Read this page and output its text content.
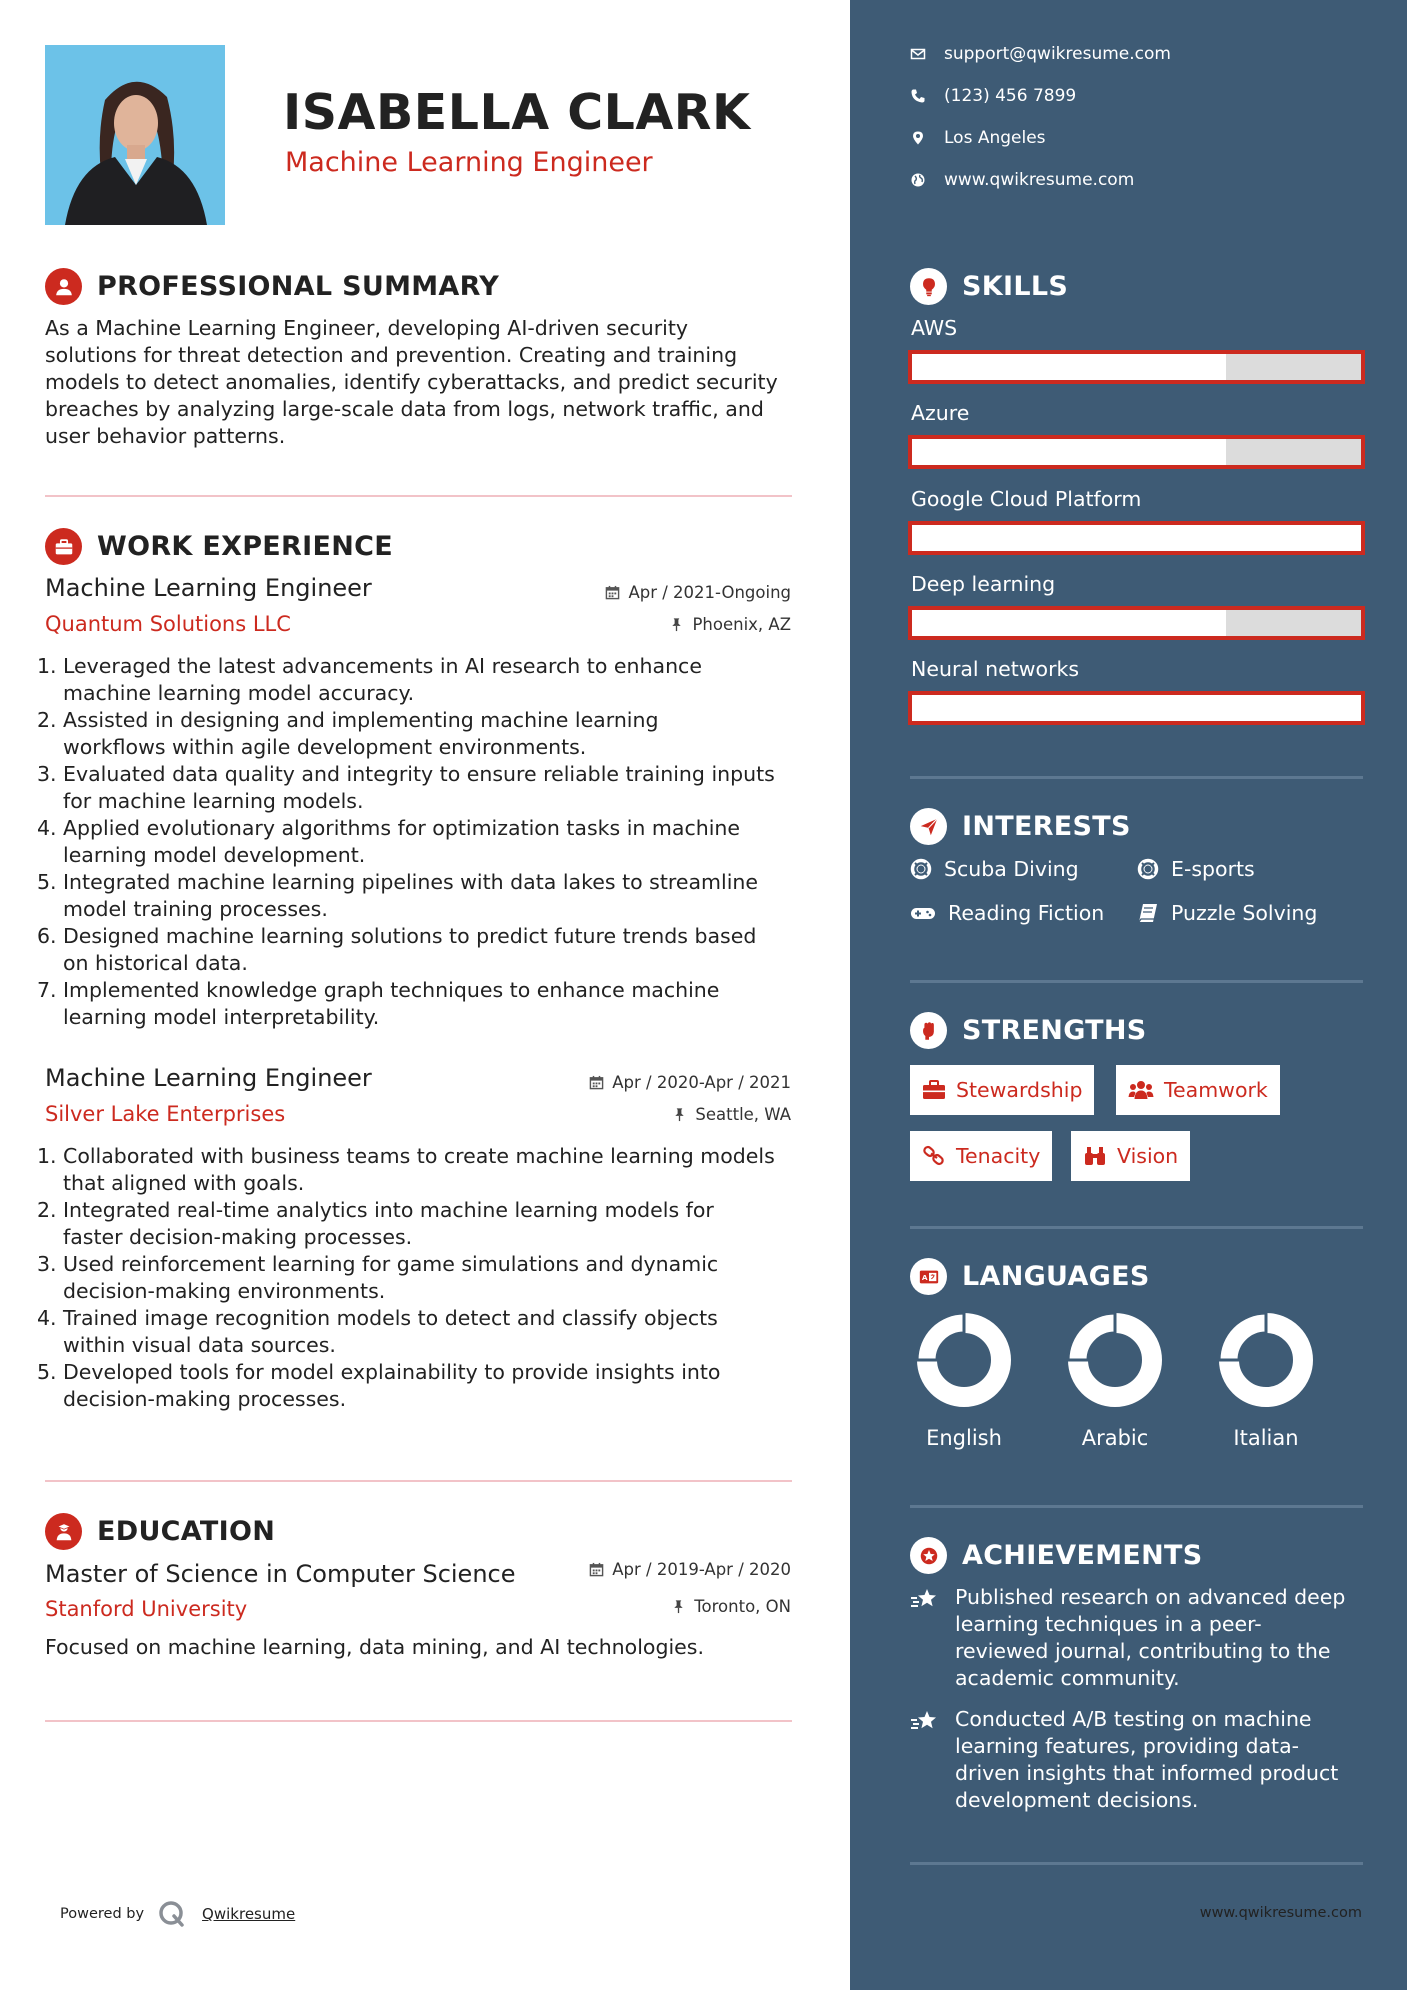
ISABELLA CLARK
Machine Learning Engineer
PROFESSIONAL SUMMARY
As a Machine Learning Engineer, developing AI-driven security
solutions for threat detection and prevention. Creating and training
models to detect anomalies, identify cyberattacks, and predict security
breaches by analyzing large-scale data from logs, network traffic, and
user behavior patterns.
WORK EXPERIENCE
Machine Learning Engineer
Quantum Solutions LLC
Apr / 2021-Ongoing
Phoenix, AZ
1. Leveraged the latest advancements in AI research to enhance
machine learning model accuracy.
2. Assisted in designing and implementing machine learning
workflows within agile development environments.
3. Evaluated data quality and integrity to ensure reliable training inputs
for machine learning models.
4. Applied evolutionary algorithms for optimization tasks in machine
learning model development.
5. Integrated machine learning pipelines with data lakes to streamline
model training processes.
6. Designed machine learning solutions to predict future trends based
on historical data.
7. Implemented knowledge graph techniques to enhance machine
learning model interpretability.
Machine Learning Engineer
Silver Lake Enterprises
Apr / 2020-Apr / 2021
Seattle, WA
1. Collaborated with business teams to create machine learning models
that aligned with goals.
2. Integrated real-time analytics into machine learning models for
faster decision-making processes.
3. Used reinforcement learning for game simulations and dynamic
decision-making environments.
4. Trained image recognition models to detect and classify objects
within visual data sources.
5. Developed tools for model explainability to provide insights into
decision-making processes.
EDUCATION
Master of Science in Computer Science
Stanford University
Apr / 2019-Apr / 2020
Toronto, ON
Focused on machine learning, data mining, and AI technologies.
Powered by	Qwikresume
support@qwikresume.com
(123) 456 7899
Los Angeles
www.qwikresume.com
SKILLS
AWS
Azure
Google Cloud Platform
Deep learning
Neural networks
INTERESTS
Scuba Diving	E-sports
Reading Fiction	Puzzle Solving
STRENGTHS
Stewardship	Teamwork
Tenacity	Vision
A LANGUAGES
English	Arabic	Italian
ACHIEVEMENTS
Published research on advanced deep
learning techniques in a peer-
reviewed journal, contributing to the
academic community.
Conducted A/B testing on machine
learning features, providing data-
driven insights that informed product
development decisions.
www.qwikresume.com
